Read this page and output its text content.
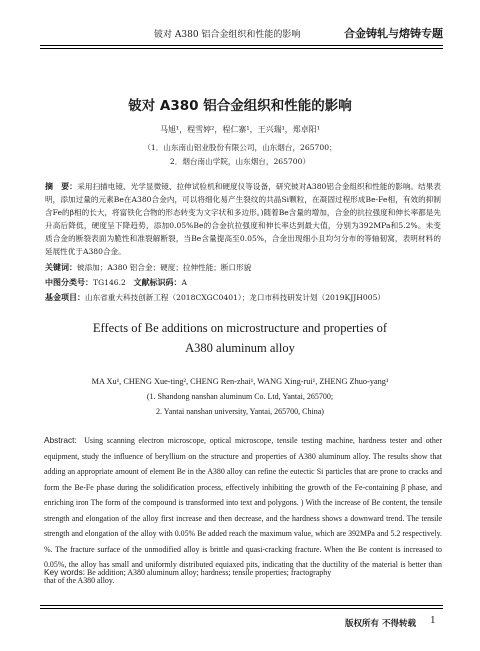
铍对 A380 铝合金组织和性能的影响	合金铸轧与熔铸专题
铍对 A380 铝合金组织和性能的影响
马旭¹，程雪婷²，程仁寨¹，王兴瑞¹，郑卓阳¹
（1．山东南山铝业股份有限公司，山东烟台，265700；
2．烟台南山学院，山东烟台，265700）
摘　要：采用扫描电镜、光学显微镜、拉伸试验机和硬度仪等设备，研究铍对A380铝合金组织和性能的影响。结果表明，添加过量的元素Be在A380合金内，可以将细化易产生裂纹的共晶Si颗粒，在凝固过程形成Be-Fe相，有效的抑制含Fe的β相的长大，将富铁化合物的形态转变为文字状和多边形。)随着Be含量的增加，合金的抗拉强度和伸长率都是先升高后降低，硬度呈下降趋势，添加0.05%Be的合金抗拉强度和伸长率达到最大值，分别为392MPa和5.2%。未变质合金的断裂表面为脆性和准裂解断裂，当Be含量提高至0.05%，合金出现细小且均匀分布的等轴韧窝，表明材料的延展性优于A380合金。
关键词：铍添加；A380 铝合金；硬度；拉伸性能；断口形貌
中图分类号：TG146.2　文献标识码：A
基金项目：山东省重大科技创新工程（2018CXGC0401）；龙口市科技研发计划（2019KJJH005）
Effects of Be additions on microstructure and properties of
A380 aluminum alloy
MA Xu¹, CHENG Xue-ting², CHENG Ren-zhai¹, WANG Xing-rui¹, ZHENG Zhuo-yang¹
(1. Shandong nanshan aluminum Co. Ltd, Yantai, 265700;
2. Yantai nanshan university, Yantai, 265700, China)
Abstract: Using scanning electron microscope, optical microscope, tensile testing machine, hardness tester and other equipment, study the influence of beryllium on the structure and properties of A380 aluminum alloy. The results show that adding an appropriate amount of element Be in the A380 alloy can refine the eutectic Si particles that are prone to cracks and form the Be-Fe phase during the solidification process, effectively inhibiting the growth of the Fe-containing β phase, and enriching iron The form of the compound is transformed into text and polygons. ) With the increase of Be content, the tensile strength and elongation of the alloy first increase and then decrease, and the hardness shows a downward trend. The tensile strength and elongation of the alloy with 0.05% Be added reach the maximum value, which are 392MPa and 5.2 respectively. %. The fracture surface of the unmodified alloy is brittle and quasi-cracking fracture. When the Be content is increased to 0.05%, the alloy has small and uniformly distributed equiaxed pits, indicating that the ductility of the material is better than that of the A380 alloy.
Key words: Be addition; A380 aluminum alloy; hardness; tensile properties; fractography
版权所有 不得转载 1
